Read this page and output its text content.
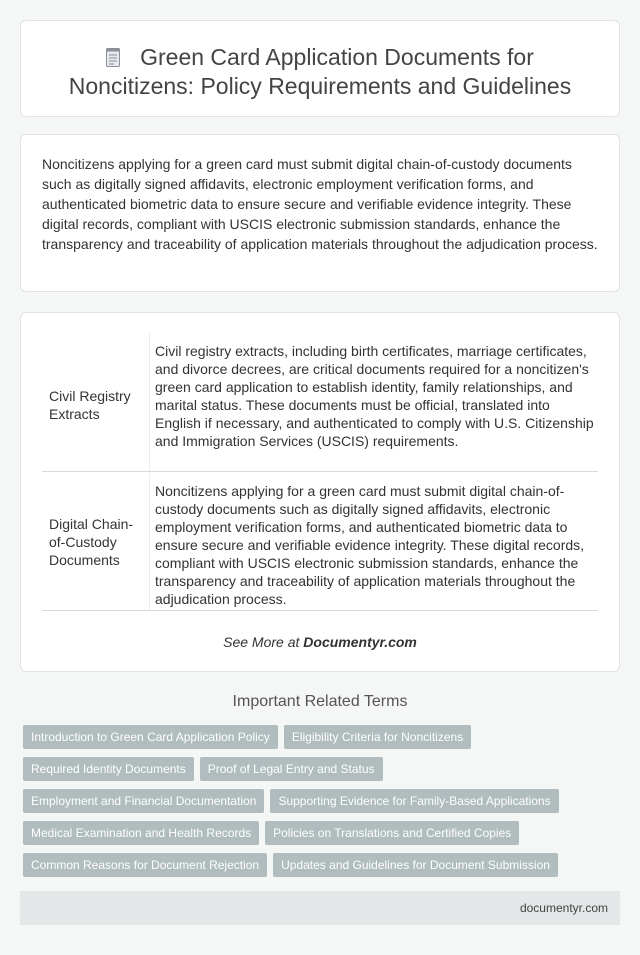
Green Card Application Documents for Noncitizens: Policy Requirements and Guidelines

Noncitizens applying for a green card must submit digital chain-of-custody documents such as digitally signed affidavits, electronic employment verification forms, and authenticated biometric data to ensure secure and verifiable evidence integrity. These digital records, compliant with USCIS electronic submission standards, enhance the transparency and traceability of application materials throughout the adjudication process.

Civil Registry Extracts
Civil registry extracts, including birth certificates, marriage certificates, and divorce decrees, are critical documents required for a noncitizen's green card application to establish identity, family relationships, and marital status. These documents must be official, translated into English if necessary, and authenticated to comply with U.S. Citizenship and Immigration Services (USCIS) requirements.
Digital Chain-of-Custody Documents
Noncitizens applying for a green card must submit digital chain-of-custody documents such as digitally signed affidavits, electronic employment verification forms, and authenticated biometric data to ensure secure and verifiable evidence integrity. These digital records, compliant with USCIS electronic submission standards, enhance the transparency and traceability of application materials throughout the adjudication process.
See More at Documentyr.com
Important Related Terms
Introduction to Green Card Application Policy Eligibility Criteria for Noncitizens
Required Identity Documents Proof of Legal Entry and Status
Employment and Financial Documentation Supporting Evidence for Family-Based Applications
Medical Examination and Health Records Policies on Translations and Certified Copies
Common Reasons for Document Rejection Updates and Guidelines for Document Submission
documentyr.com
